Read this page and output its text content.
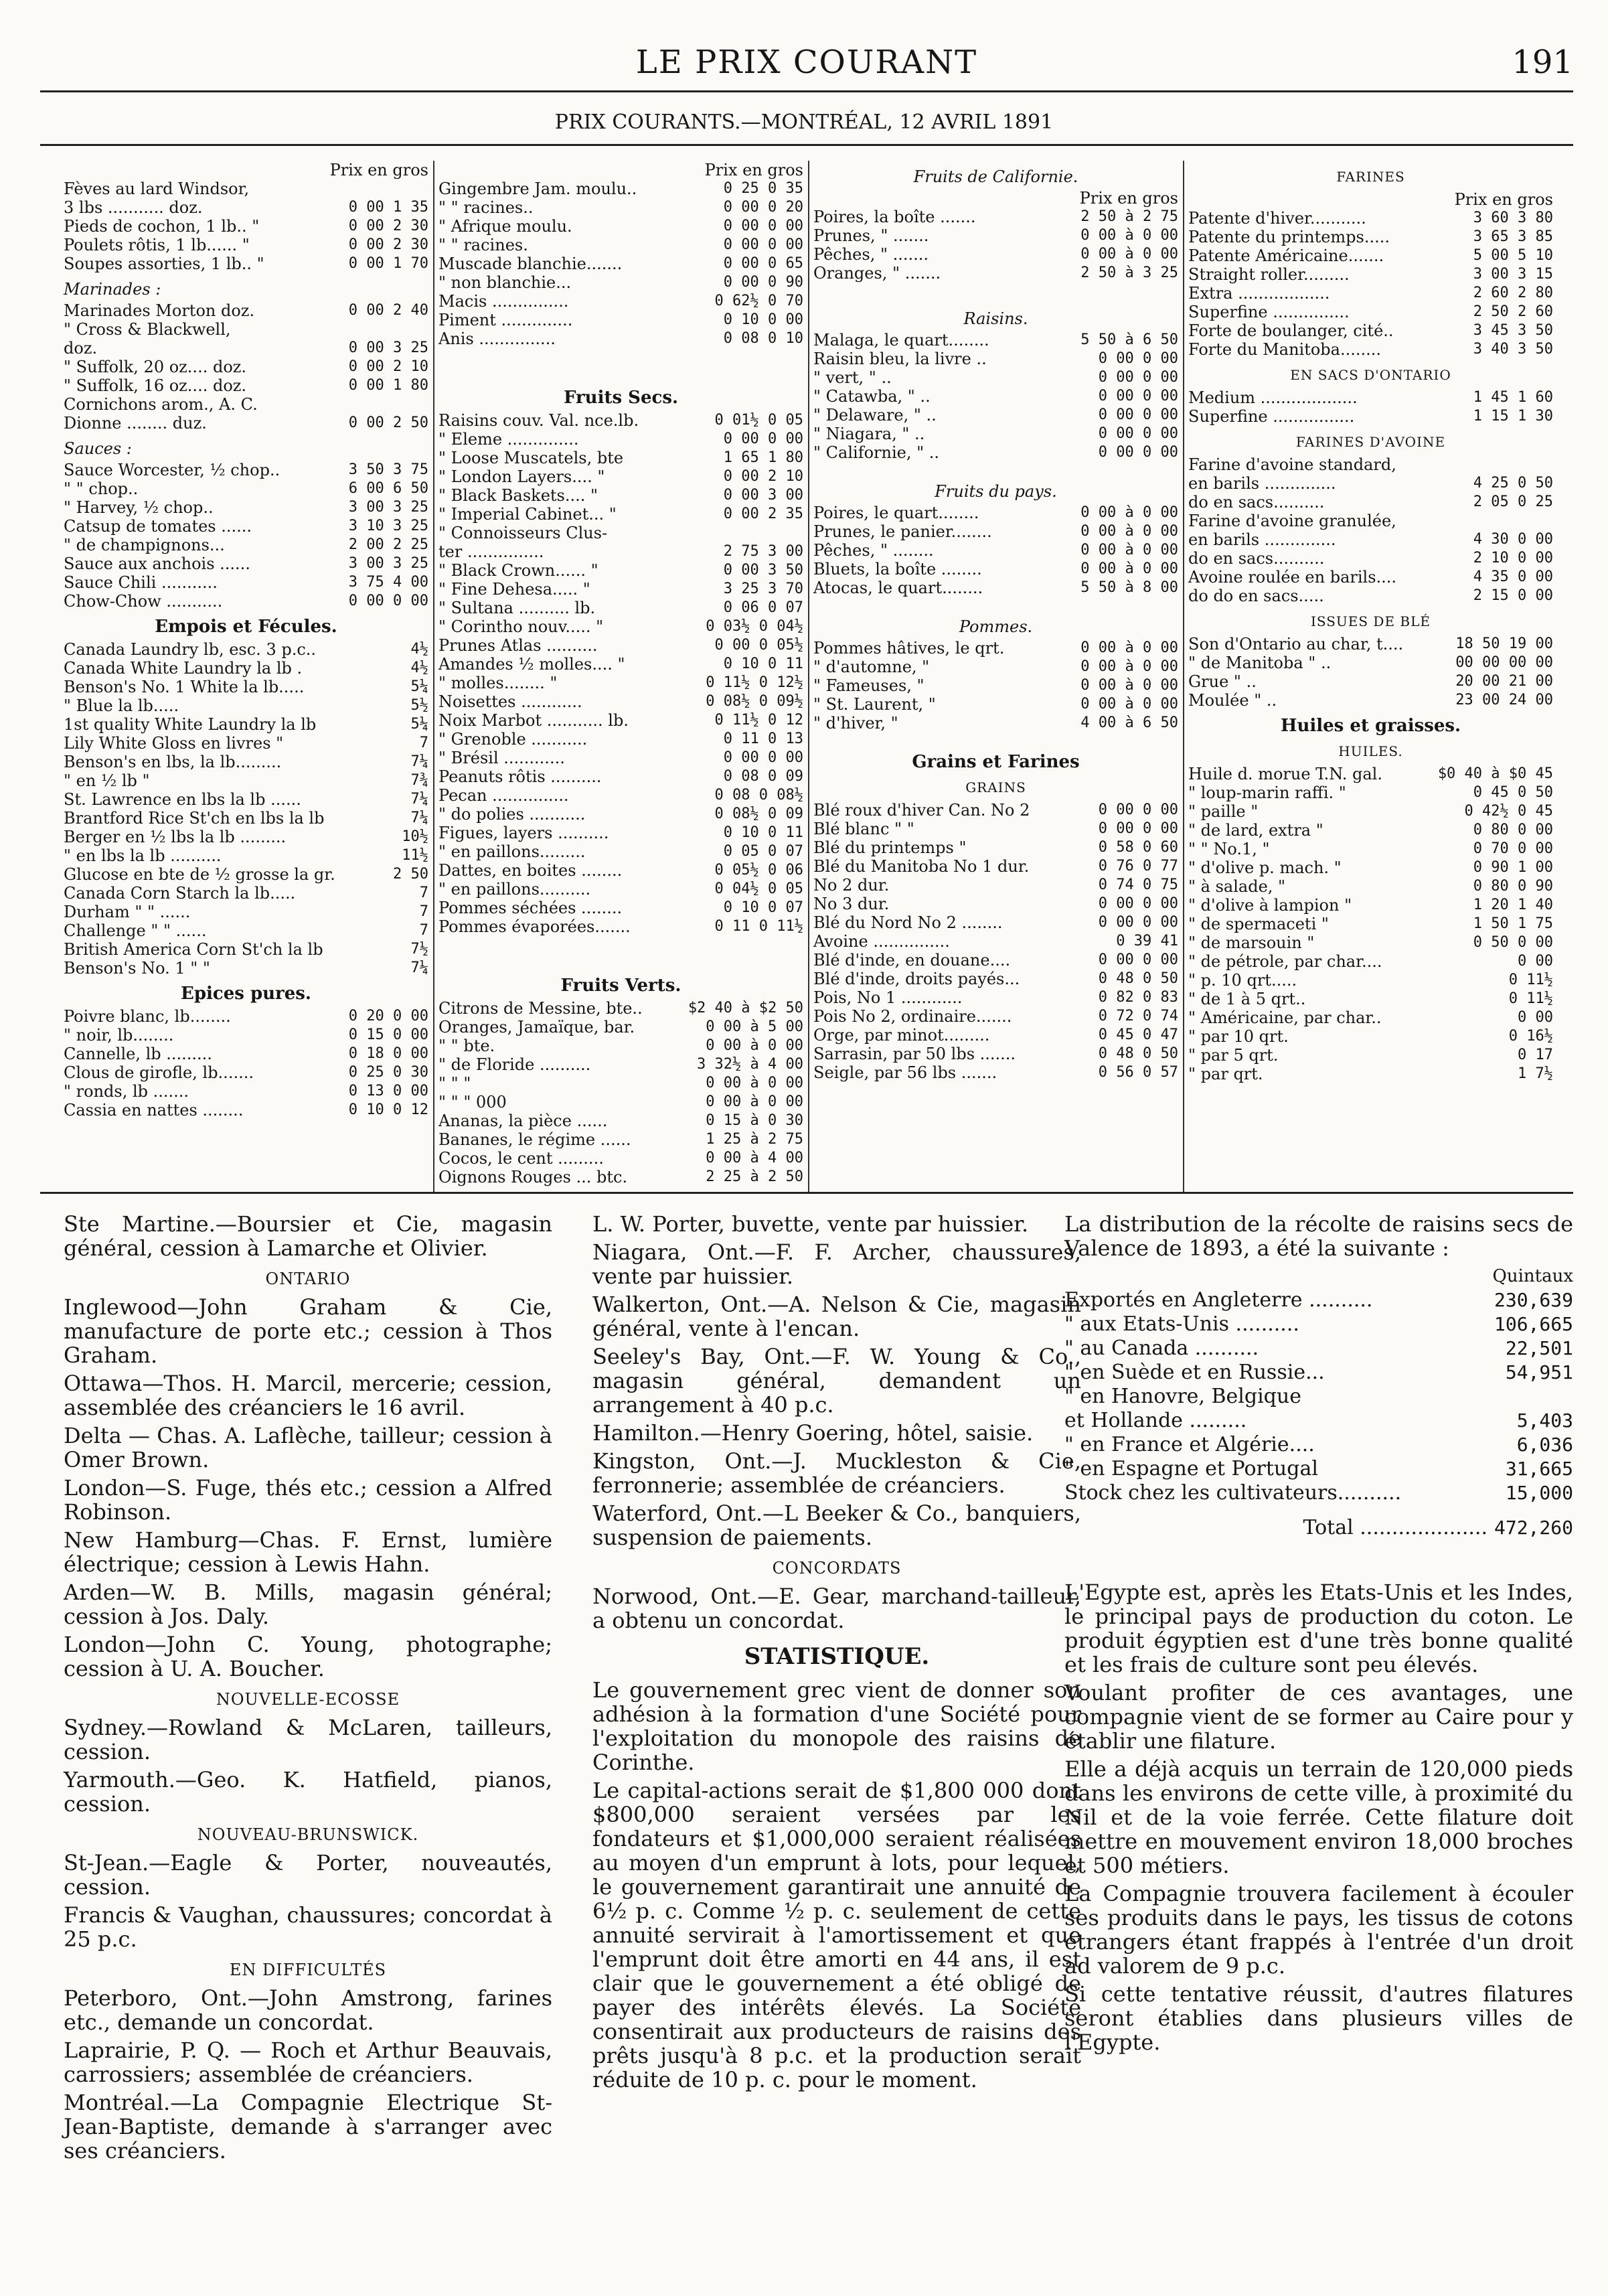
LE PRIX COURANT	191
PRIX COURANTS.—MONTRÉAL, 12 AVRIL 1891
Prix en gros
Fèves au lard Windsor,
3 lbs ........... doz.	0 00 1 35
Pieds de cochon, 1 lb.. "	0 00 2 30
Poulets rôtis, 1 lb...... "	0 00 2 30
Soupes assorties, 1 lb.. "	0 00 1 70
Marinades :
Marinades Morton doz.	0 00 2 40
" Cross & Blackwell,
doz.	0 00 3 25
" Suffolk, 20 oz.... doz.	0 00 2 10
" Suffolk, 16 oz.... doz.	0 00 1 80
Cornichons arom., A. C.
Dionne ........ duz.	0 00 2 50
Sauces :
Sauce Worcester, ½ chop..	3 50 3 75
" " chop..	6 00 6 50
" Harvey, ½ chop..	3 00 3 25
Catsup de tomates ......	3 10 3 25
" de champignons...	2 00 2 25
Sauce aux anchois ......	3 00 3 25
Sauce Chili ...........	3 75 4 00
Chow-Chow ...........	0 00 0 00
Empois et Fécules.
Canada Laundry lb, esc. 3 p.c..	4½
Canada White Laundry la lb .	4½
Benson's No. 1 White la lb.....	5¼
" Blue la lb.....	5½
1st quality White Laundry la lb	5¼
Lily White Gloss en livres "	7
Benson's en lbs, la lb.........	7¼
" en ½ lb "	7¾
St. Lawrence en lbs la lb ......	7¼
Brantford Rice St'ch en lbs la lb	7¼
Berger en ½ lbs la lb .........	10½
" en lbs la lb ..........	11½
Glucose en bte de ½ grosse la gr.	2 50
Canada Corn Starch la lb.....	7
Durham " " ......	7
Challenge " " ......	7
British America Corn St'ch la lb	7½
Benson's No. 1 " "	7¼
Epices pures.
Poivre blanc, lb........	0 20 0 00
" noir, lb........	0 15 0 00
Cannelle, lb .........	0 18 0 00
Clous de girofle, lb.......	0 25 0 30
" ronds, lb .......	0 13 0 00
Cassia en nattes ........	0 10 0 12
Prix en gros
Gingembre Jam. moulu..	0 25 0 35
" " racines..	0 00 0 20
" Afrique moulu.	0 00 0 00
" " racines.	0 00 0 00
Muscade blanchie.......	0 00 0 65
" non blanchie...	0 00 0 90
Macis ...............	0 62½ 0 70
Piment ..............	0 10 0 00
Anis ...............	0 08 0 10
Fruits Secs.
Raisins couv. Val. nce.lb.	0 01½ 0 05
" Eleme ..............	0 00 0 00
" Loose Muscatels, bte	1 65 1 80
" London Layers.... "	0 00 2 10
" Black Baskets.... "	0 00 3 00
" Imperial Cabinet... "	0 00 2 35
" Connoisseurs Clus-
ter ...............	2 75 3 00
" Black Crown...... "	0 00 3 50
" Fine Dehesa..... "	3 25 3 70
" Sultana .......... lb.	0 06 0 07
" Corintho nouv..... "	0 03½ 0 04½
Prunes Atlas ..........	0 00 0 05½
Amandes ½ molles.... "	0 10 0 11
" molles........ "	0 11½ 0 12½
Noisettes ............	0 08½ 0 09½
Noix Marbot ........... lb.	0 11½ 0 12
" Grenoble ...........	0 11 0 13
" Brésil ............	0 00 0 00
Peanuts rôtis ..........	0 08 0 09
Pecan ...............	0 08 0 08½
" do polies ...........	0 08½ 0 09
Figues, layers ..........	0 10 0 11
" en paillons.........	0 05 0 07
Dattes, en boites ........	0 05½ 0 06
" en paillons..........	0 04½ 0 05
Pommes séchées ........	0 10 0 07
Pommes évaporées.......	0 11 0 11½
Fruits Verts.
Citrons de Messine, bte..	$2 40 à $2 50
Oranges, Jamaïque, bar.	0 00 à 5 00
" " bte.	0 00 à 0 00
" de Floride ..........	3 32½ à 4 00
" " "	0 00 à 0 00
" " " 000	0 00 à 0 00
Ananas, la pièce ......	0 15 à 0 30
Bananes, le régime ......	1 25 à 2 75
Cocos, le cent .........	0 00 à 4 00
Oignons Rouges ... btc.	2 25 à 2 50
Fruits de Californie.
Prix en gros
Poires, la boîte .......	2 50 à 2 75
Prunes, " .......	0 00 à 0 00
Pêches, " .......	0 00 à 0 00
Oranges, " .......	2 50 à 3 25
Raisins.
Malaga, le quart........	5 50 à 6 50
Raisin bleu, la livre ..	0 00 0 00
" vert, " ..	0 00 0 00
" Catawba, " ..	0 00 0 00
" Delaware, " ..	0 00 0 00
" Niagara, " ..	0 00 0 00
" Californie, " ..	0 00 0 00
Fruits du pays.
Poires, le quart........	0 00 à 0 00
Prunes, le panier........	0 00 à 0 00
Pêches, " ........	0 00 à 0 00
Bluets, la boîte ........	0 00 à 0 00
Atocas, le quart........	5 50 à 8 00
Pommes.
Pommes hâtives, le qrt.	0 00 à 0 00
" d'automne, "	0 00 à 0 00
" Fameuses, "	0 00 à 0 00
" St. Laurent, "	0 00 à 0 00
" d'hiver, "	4 00 à 6 50
Grains et Farines
GRAINS
Blé roux d'hiver Can. No 2	0 00 0 00
Blé blanc " "	0 00 0 00
Blé du printemps "	0 58 0 60
Blé du Manitoba No 1 dur.	0 76 0 77
No 2 dur.	0 74 0 75
No 3 dur.	0 00 0 00
Blé du Nord No 2 ........	0 00 0 00
Avoine ...............	0 39 41
Blé d'inde, en douane....	0 00 0 00
Blé d'inde, droits payés...	0 48 0 50
Pois, No 1 ............	0 82 0 83
Pois No 2, ordinaire.......	0 72 0 74
Orge, par minot.........	0 45 0 47
Sarrasin, par 50 lbs .......	0 48 0 50
Seigle, par 56 lbs .......	0 56 0 57
FARINES
Prix en gros
Patente d'hiver...........	3 60 3 80
Patente du printemps.....	3 65 3 85
Patente Américaine.......	5 00 5 10
Straight roller.........	3 00 3 15
Extra ..................	2 60 2 80
Superfine ...............	2 50 2 60
Forte de boulanger, cité..	3 45 3 50
Forte du Manitoba........	3 40 3 50
EN SACS D'ONTARIO
Medium ...................	1 45 1 60
Superfine ................	1 15 1 30
FARINES D'AVOINE
Farine d'avoine standard,
en barils ..............	4 25 0 50
do en sacs..........	2 05 0 25
Farine d'avoine granulée,
en barils ..............	4 30 0 00
do en sacs..........	2 10 0 00
Avoine roulée en barils....	4 35 0 00
do do en sacs.....	2 15 0 00
ISSUES DE BLÉ
Son d'Ontario au char, t....	18 50 19 00
" de Manitoba " ..	00 00 00 00
Grue " ..	20 00 21 00
Moulée " ..	23 00 24 00
Huiles et graisses.
HUILES.
Huile d. morue T.N. gal.	$0 40 à $0 45
" loup-marin raffi. "	0 45 0 50
" paille "	0 42½ 0 45
" de lard, extra "	0 80 0 00
" " No.1, "	0 70 0 00
" d'olive p. mach. "	0 90 1 00
" à salade, "	0 80 0 90
" d'olive à lampion "	1 20 1 40
" de spermaceti "	1 50 1 75
" de marsouin "	0 50 0 00
" de pétrole, par char....	0 00
" p. 10 qrt.....	0 11½
" de 1 à 5 qrt..	0 11½
" Américaine, par char..	0 00
" par 10 qrt.	0 16½
" par 5 qrt.	0 17
" par qrt.	1 7½

Ste Martine.—Boursier et Cie, magasin général, cession à Lamarche et Olivier.

ONTARIO

Inglewood—John Graham & Cie, manufacture de porte etc.; cession à Thos Graham.

Ottawa—Thos. H. Marcil, mercerie; cession, assemblée des créanciers le 16 avril.

Delta — Chas. A. Laflèche, tailleur; cession à Omer Brown.

London—S. Fuge, thés etc.; cession a Alfred Robinson.

New Hamburg—Chas. F. Ernst, lumière électrique; cession à Lewis Hahn.

Arden—W. B. Mills, magasin général; cession à Jos. Daly.

London—John C. Young, photographe; cession à U. A. Boucher.

NOUVELLE-ECOSSE

Sydney.—Rowland & McLaren, tailleurs, cession.

Yarmouth.—Geo. K. Hatfield, pianos, cession.

NOUVEAU-BRUNSWICK.

St-Jean.—Eagle & Porter, nouveautés, cession.

Francis & Vaughan, chaussures; concordat à 25 p.c.

EN DIFFICULTÉS

Peterboro, Ont.—John Amstrong, farines etc., demande un concordat.

Laprairie, P. Q. — Roch et Arthur Beauvais, carrossiers; assemblée de créanciers.

Montréal.—La Compagnie Electrique St-Jean-Baptiste, demande à s'arranger avec ses créanciers.

L. W. Porter, buvette, vente par huissier.

Niagara, Ont.—F. F. Archer, chaussures, vente par huissier.

Walkerton, Ont.—A. Nelson & Cie, magasin général, vente à l'encan.

Seeley's Bay, Ont.—F. W. Young & Co., magasin général, demandent un arrangement à 40 p.c.

Hamilton.—Henry Goering, hôtel, saisie.

Kingston, Ont.—J. Muckleston & Cie, ferronnerie; assemblée de créanciers.

Waterford, Ont.—L Beeker & Co., banquiers, suspension de paiements.

CONCORDATS

Norwood, Ont.—E. Gear, marchand-tailleur, a obtenu un concordat.

STATISTIQUE.

Le gouvernement grec vient de donner son adhésion à la formation d'une Société pour l'exploitation du monopole des raisins de Corinthe.

Le capital-actions serait de $1,800 000 dont $800,000 seraient versées par les fondateurs et $1,000,000 seraient réalisées au moyen d'un emprunt à lots, pour lequel, le gouvernement garantirait une annuité de 6½ p. c. Comme ½ p. c. seulement de cette annuité servirait à l'amortissement et que l'emprunt doit être amorti en 44 ans, il est clair que le gouvernement a été obligé de payer des intérêts élevés. La Société consentirait aux producteurs de raisins des prêts jusqu'à 8 p.c. et la production serait réduite de 10 p. c. pour le moment.

La distribution de la récolte de raisins secs de Valence de 1893, a été la suivante :

Quintaux
Exportés en Angleterre ..........	230,639
" aux Etats-Unis ..........	106,665
" au Canada ..........	22,501
" en Suède et en Russie...	54,951
" en Hanovre, Belgique
et Hollande .........	5,403
" en France et Algérie....	6,036
" en Espagne et Portugal	31,665
Stock chez les cultivateurs..........	15,000
Total .................... 472,260

L'Egypte est, après les Etats-Unis et les Indes, le principal pays de production du coton. Le produit égyptien est d'une très bonne qualité et les frais de culture sont peu élevés.

Voulant profiter de ces avantages, une compagnie vient de se former au Caire pour y établir une filature.

Elle a déjà acquis un terrain de 120,000 pieds dans les environs de cette ville, à proximité du Nil et de la voie ferrée. Cette filature doit mettre en mouvement environ 18,000 broches et 500 métiers.

La Compagnie trouvera facilement à écouler ses produits dans le pays, les tissus de cotons étrangers étant frappés à l'entrée d'un droit ad valorem de 9 p.c.

Si cette tentative réussit, d'autres filatures seront établies dans plusieurs villes de l'Egypte.
